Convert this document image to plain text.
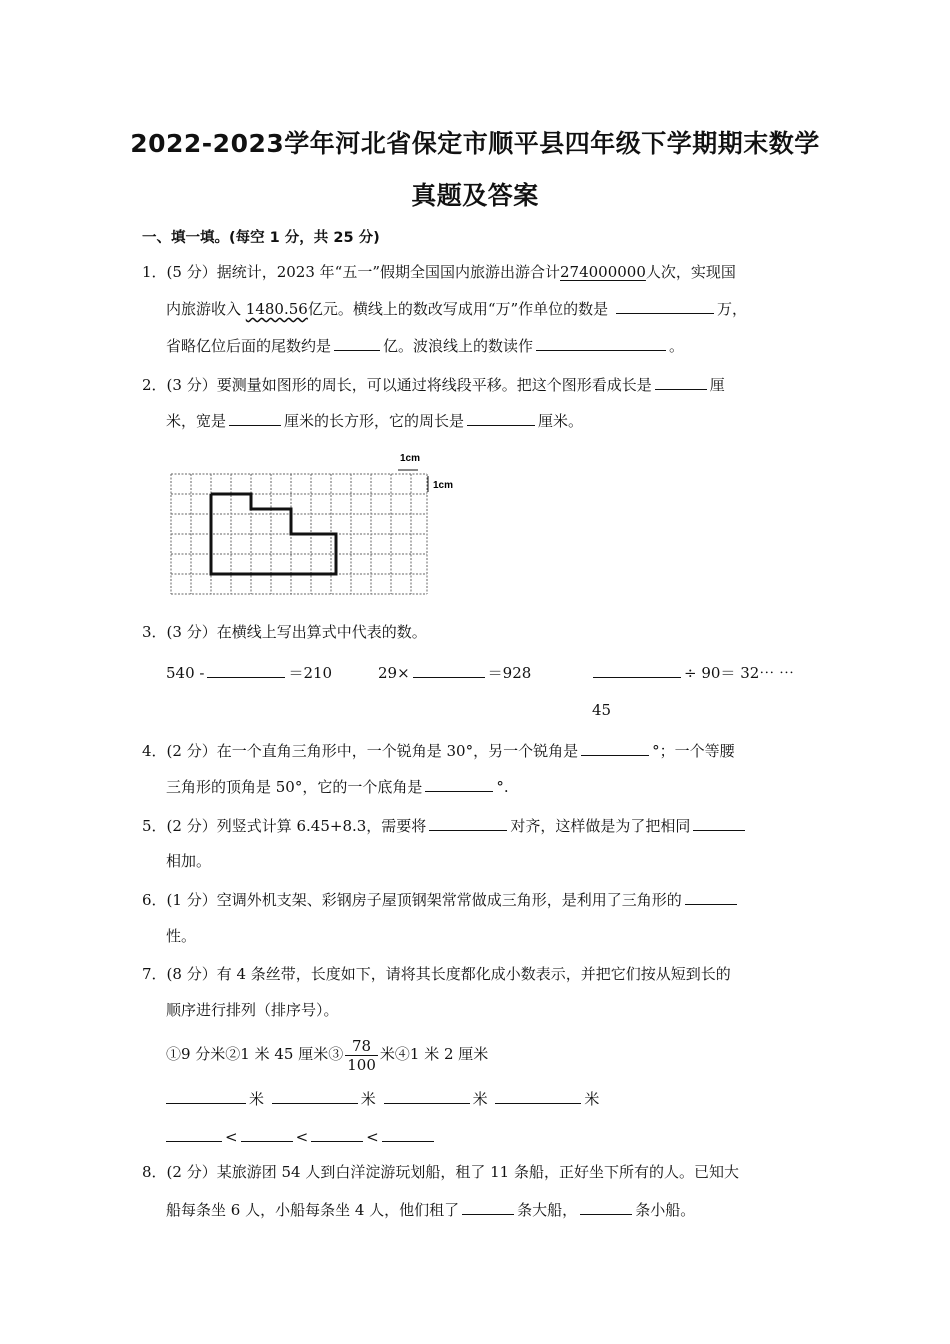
2022-2023学年河北省保定市顺平县四年级下学期期末数学
真题及答案
一、填一填。(每空 1 分，共 25 分)
1．(5 分）据统计，2023 年“五一”假期全国国内旅游出游合计274000000人次，实现国
内旅游收入 1480.56亿元。横线上的数改写成用“万”作单位的数是	万，
省略亿位后面的尾数约是	亿。波浪线上的数读作	。
2．(3 分）要测量如图形的周长，可以通过将线段平移。把这个图形看成长是	厘
米，宽是	厘米的长方形，它的周长是	厘米。
1cm
1cm
3．(3 分）在横线上写出算式中代表的数。
540 -	＝210	29×	＝928	÷ 90＝ 32⋯ ⋯
45
4．(2 分）在一个直角三角形中，一个锐角是 30°，另一个锐角是	°；一个等腰
三角形的顶角是 50°，它的一个底角是	°.
5．(2 分）列竖式计算 6.45+8.3，需要将	对齐，这样做是为了把相同
相加。
6．(1 分）空调外机支架、彩钢房子屋顶钢架常常做成三角形，是利用了三角形的
性。
7．(8 分）有 4 条丝带，长度如下，请将其长度都化成小数表示，并把它们按从短到长的
顺序进行排列（排序号）。
①9 分米②1 米 45 厘米③ $\frac{78}{100}$ 米④1 米 2 厘米
米	米	米	米
<	<	<
8．(2 分）某旅游团 54 人到白洋淀游玩划船，租了 11 条船，正好坐下所有的人。已知大
船每条坐 6 人，小船每条坐 4 人，他们租了	条大船，	条小船。
